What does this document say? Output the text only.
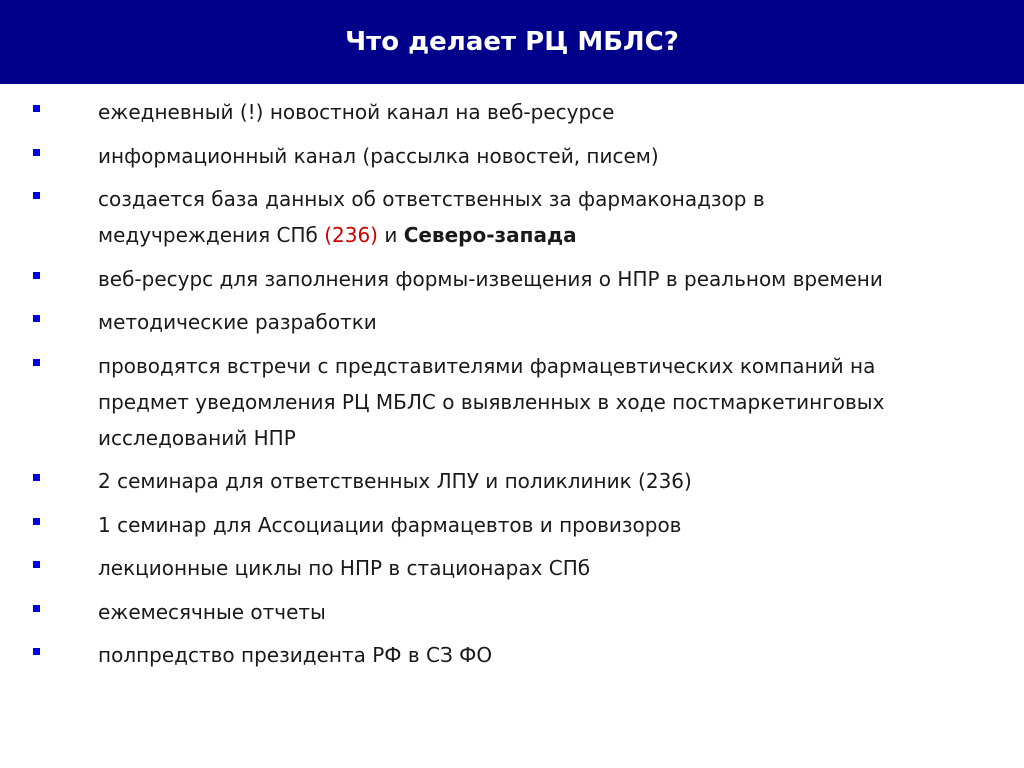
Что делает РЦ МБЛС?
ежедневный (!) новостной канал на веб-ресурсе
информационный канал (рассылка новостей, писем)
создается база данных об ответственных за фармаконадзор в медучреждения СПб (236) и Северо-запада
веб-ресурс для заполнения формы-извещения о НПР в реальном времени
методические разработки
проводятся встречи с представителями фармацевтических компаний на предмет уведомления РЦ МБЛС о выявленных в ходе постмаркетинговых исследований НПР
2 семинара для ответственных ЛПУ и поликлиник (236)
1 семинар для Ассоциации фармацевтов и провизоров
лекционные циклы по НПР в стационарах СПб
ежемесячные отчеты
полпредство президента РФ в СЗ ФО
